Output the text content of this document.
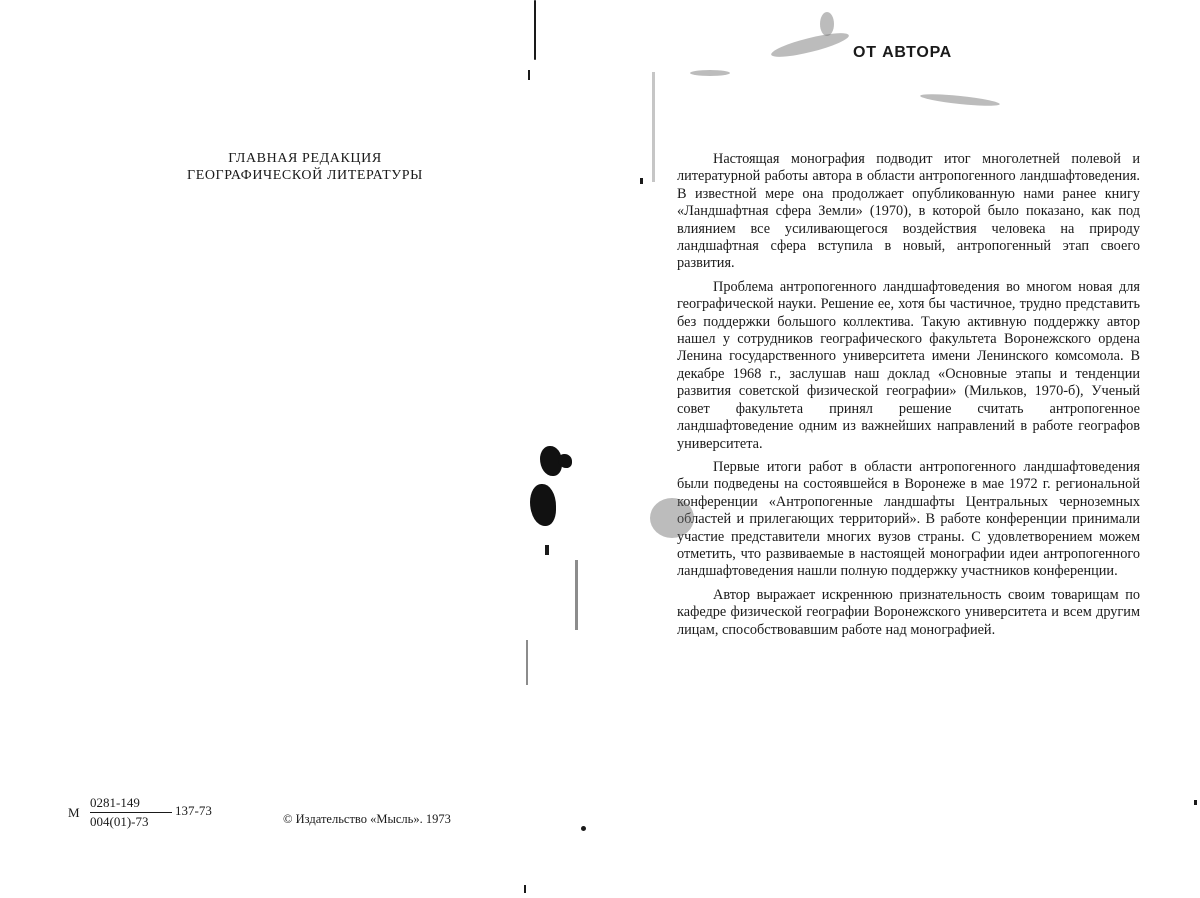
ГЛАВНАЯ РЕДАКЦИЯ
ГЕОГРАФИЧЕСКОЙ ЛИТЕРАТУРЫ
М
0281-149
004(01)-73
137-73
© Издательство «Мысль». 1973
ОТ АВТОРА

Настоящая монография подводит итог многолетней полевой и литературной работы автора в области антропогенного ландшафтоведения. В известной мере она продолжает опубликованную нами ранее книгу «Ландшафтная сфера Земли» (1970), в которой было показано, как под влиянием все усиливающегося воздействия человека на природу ландшафтная сфера вступила в новый, антропогенный этап своего развития.

Проблема антропогенного ландшафтоведения во многом новая для географической науки. Решение ее, хотя бы частичное, трудно представить без поддержки большого коллектива. Такую активную поддержку автор нашел у сотрудников географического факультета Воронежского ордена Ленина государственного университета имени Ленинского комсомола. В декабре 1968 г., заслушав наш доклад «Основные этапы и тенденции развития советской физической географии» (Мильков, 1970-б), Ученый совет факультета принял решение считать антропогенное ландшафтоведение одним из важнейших направлений в работе географов университета.

Первые итоги работ в области антропогенного ландшафтоведения были подведены на состоявшейся в Воронеже в мае 1972 г. региональной конференции «Антропогенные ландшафты Центральных черноземных областей и прилегающих территорий». В работе конференции принимали участие представители многих вузов страны. С удовлетворением можем отметить, что развиваемые в настоящей монографии идеи антропогенного ландшафтоведения нашли полную поддержку участников конференции.

Автор выражает искреннюю признательность своим товарищам по кафедре физической географии Воронежского университета и всем другим лицам, способствовавшим работе над монографией.
